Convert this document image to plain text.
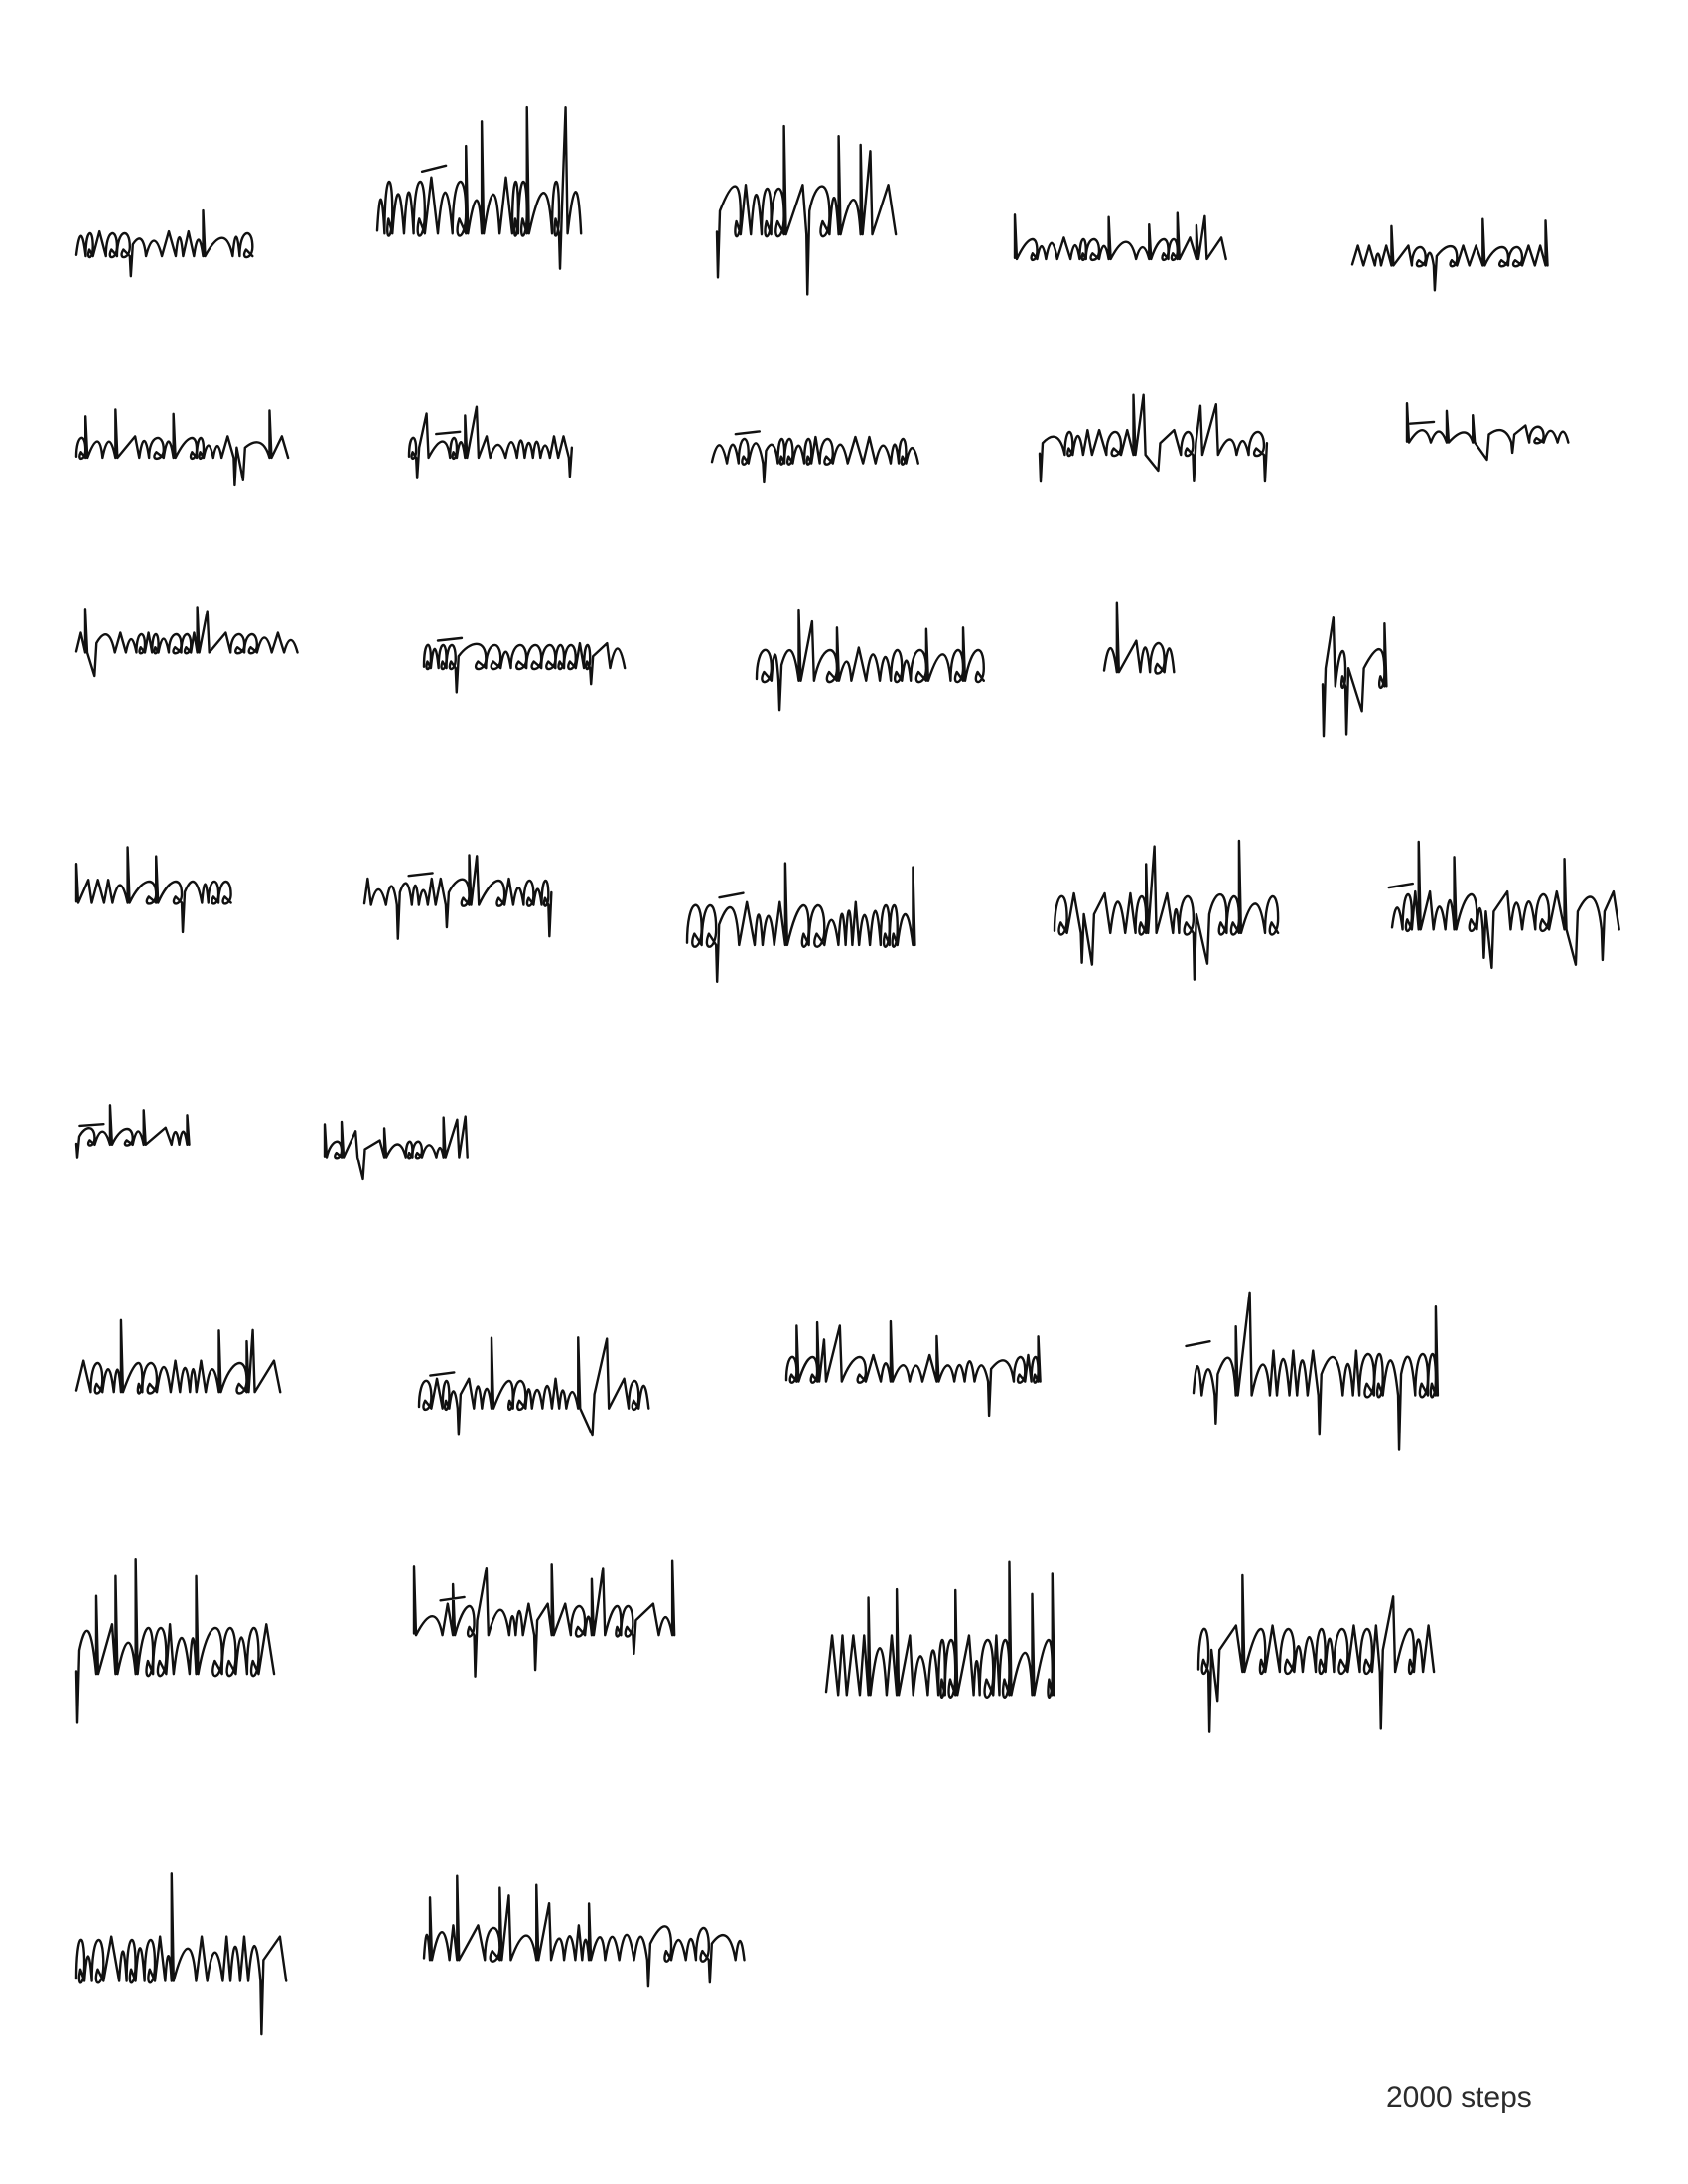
2000 steps
